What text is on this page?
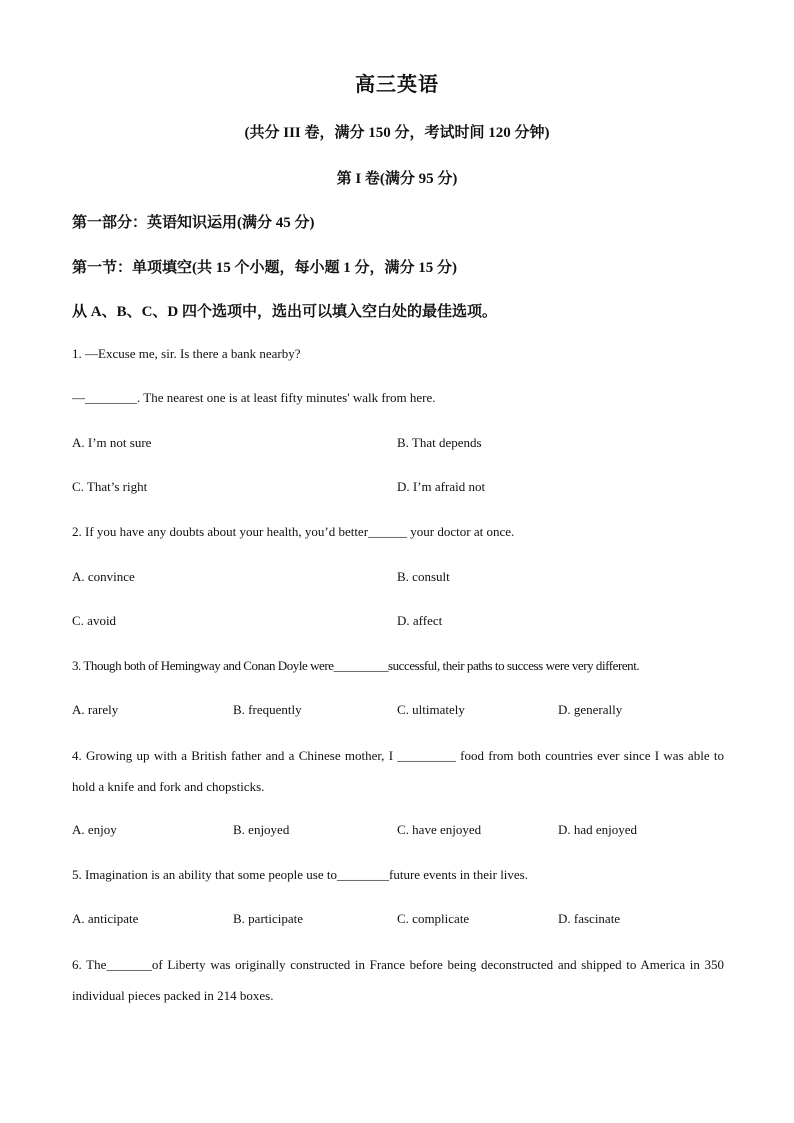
高三英语
(共分 III 卷，满分 150 分，考试时间 120 分钟)
第 I 卷(满分 95 分)
第一部分：英语知识运用(满分 45 分)
第一节：单项填空(共 15 个小题，每小题 1 分，满分 15 分)
从 A、B、C、D 四个选项中，选出可以填入空白处的最佳选项。
1. —Excuse me, sir. Is there a bank nearby?
—________. The nearest one is at least fifty minutes' walk from here.
A. I’m not sure	B. That depends
C. That’s right	D. I’m afraid not
2. If you have any doubts about your health, you’d better______ your doctor at once.
A. convince	B. consult
C. avoid	D. affect
3. Though both of Hemingway and Conan Doyle were_________successful, their paths to success were very different.
A. rarely	B. frequently	C. ultimately	D. generally
4. Growing up with a British father and a Chinese mother, I _________ food from both countries ever since I was able to hold a knife and fork and chopsticks.
A. enjoy	B. enjoyed	C. have enjoyed	D. had enjoyed
5. Imagination is an ability that some people use to________future events in their lives.
A. anticipate	B. participate	C. complicate	D. fascinate
6. The_______of Liberty was originally constructed in France before being deconstructed and shipped to America in 350 individual pieces packed in 214 boxes.
